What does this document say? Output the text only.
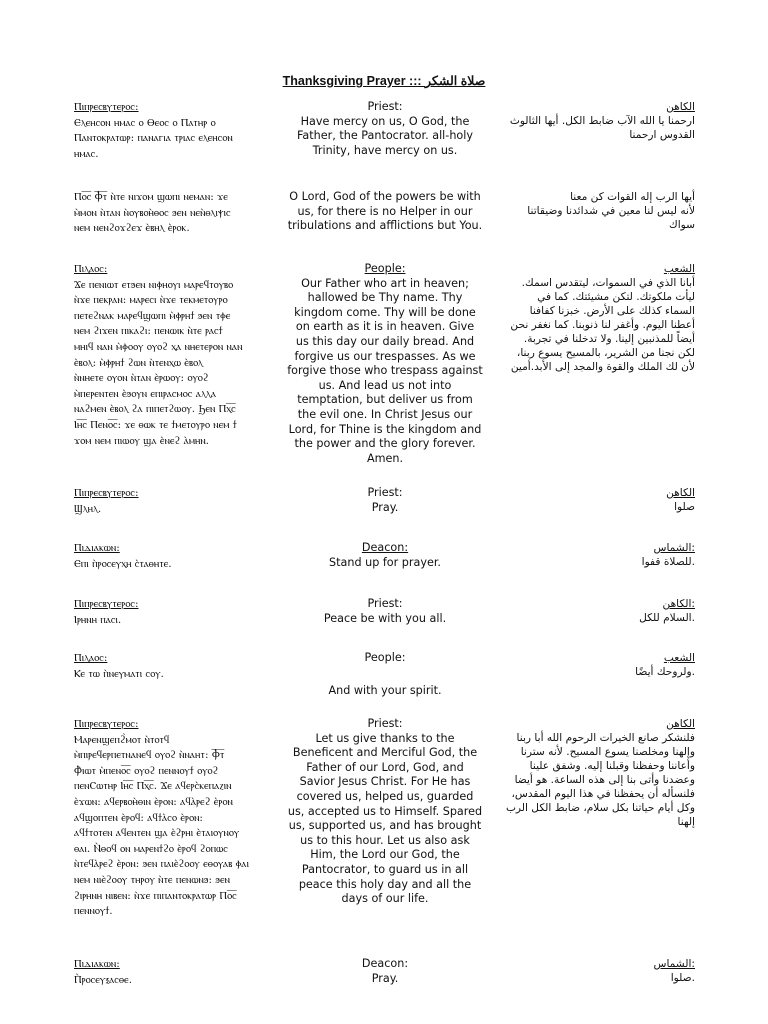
Thanksgiving Prayer ::: صلاة الشكر
Ⲡⲓⲡⲣⲉⲥⲃⲩⲧⲉⲣⲟⲥ:
Ⲉⲗⲉⲏⲥⲟⲛ ⲏⲙⲁⲥ ⲟ Ⲑⲉⲟⲥ ⲟ Ⲡⲁⲧⲏⲣ ⲟ
Ⲡⲁⲛⲧⲟⲕⲣⲁⲧⲱⲣ: ⲡⲁⲛⲁⲅⲓⲁ ⲧⲣⲓⲁⲥ ⲉⲗⲉⲏⲥⲟⲛ
ⲏⲙⲁⲥ.
Priest:
Have mercy on us, O God, the
Father, the Pantocrator. all-holy
Trinity, have mercy on us.
الكاهن
ارحمنا يا الله الآب ضابط الكل. أيها الثالوث
القدوس ارحمنا
Ⲡⲟ̅ⲥ̅ Ⲫ︦ⲧ︦ ⲛ̀ⲧⲉ ⲛⲓϫⲟⲙ ϣⲱⲡⲓ ⲛⲉⲙⲁⲛ: ϫⲉ
ⲙ̀ⲙⲟⲛ ⲛ̀ⲧⲁⲛ ⲛ̀ⲟⲩⲃⲟⲏ̀ⲑⲟⲥ ϧⲉⲛ ⲛⲉⲛ̀ⲑⲗⲓⲯⲓⲥ
ⲛⲉⲙ ⲛⲉⲛϩⲟϫϩⲉϫ ⲉ̀ⲃⲏⲗ ⲉ̀ⲣⲟⲕ.
O Lord, God of the powers be with
us, for there is no Helper in our
tribulations and afflictions but You.
أيها الرب إله القوات كن معنا
لأنه ليس لنا معين في شدائدنا وضيقاتنا
سواك
Ⲡⲓⲗⲁⲟⲥ:
Ϫⲉ ⲡⲉⲛⲓⲱⲧ ⲉⲧϧⲉⲛ ⲛⲓⲫⲏⲟⲩⲓ ⲙⲁⲣⲉϥⲧⲟⲩⲃⲟ
ⲛ̀ϫⲉ ⲡⲉⲕⲣⲁⲛ: ⲙⲁⲣⲉⲥⲓ ⲛ̀ϫⲉ ⲧⲉⲕⲙⲉⲧⲟⲩⲣⲟ
ⲡⲉⲧⲉϩⲛⲁⲕ ⲙⲁⲣⲉϥϣⲱⲡⲓ ⲙ̀ⲫⲣⲏϯ ϧⲉⲛ ⲧⲫⲉ
ⲛⲉⲙ ϩⲓϫⲉⲛ ⲡⲓⲕⲁϩⲓ: ⲡⲉⲛⲱⲓⲕ ⲛ̀ⲧⲉ ⲣⲁⲥϯ
ⲙⲏⲓϥ ⲛⲁⲛ ⲙ̀ⲫⲟⲟⲩ ⲟⲩⲟϩ ⲭⲁ ⲛⲏⲉⲧⲉⲣⲟⲛ ⲛⲁⲛ
ⲉ̀ⲃⲟⲗ: ⲙ̀ⲫⲣⲏϯ ϩⲱⲛ ⲛ̀ⲧⲉⲛⲭⲱ ⲉ̀ⲃⲟⲗ
ⲛ̀ⲛⲏⲉⲧⲉ ⲟⲩⲟⲛ ⲛ̀ⲧⲁⲛ ⲉ̀ⲣⲱⲟⲩ: ⲟⲩⲟϩ
ⲙ̀ⲡⲉⲣⲉⲛⲧⲉⲛ ⲉ̀ϧⲟⲩⲛ ⲉⲡⲓⲣⲁⲥⲙⲟⲥ ⲁⲗⲗⲁ
ⲛⲁϩⲙⲉⲛ ⲉ̀ⲃⲟⲗ ϩⲁ ⲡⲓⲡⲉⲧϩⲱⲟⲩ. Ϧⲉⲛ Ⲡⲭ̅ⲥ̅
Ⲓⲏ̅ⲥ̅ Ⲡⲉⲛⲟ̅ⲥ̅: ϫⲉ ⲑⲱⲕ ⲧⲉ ϯⲙⲉⲧⲟⲩⲣⲟ ⲛⲉⲙ ϯ
ϫⲟⲙ ⲛⲉⲙ ⲡⲓⲱⲟⲩ ϣⲁ ⲉ̀ⲛⲉϩ ⲁ̀ⲙⲏⲛ.
People:
Our Father who art in heaven;
hallowed be Thy name. Thy
kingdom come. Thy will be done
on earth as it is in heaven. Give
us this day our daily bread. And
forgive us our trespasses. As we
forgive those who trespass against
us. And lead us not into
temptation, but deliver us from
the evil one. In Christ Jesus our
Lord, for Thine is the kingdom and
the power and the glory forever.
Amen.
الشعب
أبانا الذي في السموات، ليتقدس اسمك.
ليأت ملكوتك. لتكن مشيئتك. كما في
السماء كذلك على الأرض. خبزنا كفافنا
أعطنا اليوم. وأغفر لنا ذنوبنا. كما نغفر نحن
أيضاً للمذنبين إلينا. ولا تدخلنا في تجربة.
لكن نجنا من الشرير، بالمسيح يسوع ربنا،
لأن لك الملك والقوة والمجد إلى الأبد.أمين
Ⲡⲓⲡⲣⲉⲥⲃⲩⲧⲉⲣⲟⲥ:
Ϣⲗⲏⲗ.
Priest:
Pray.
الكاهن
صلوا
Ⲡⲓⲇⲓⲁⲕⲱⲛ:
Ⲉⲡⲓ ⲡ̀ⲣⲟⲥⲉⲩⲭⲏ ⲥ̀ⲧⲁⲑⲏⲧⲉ.
Deacon:
Stand up for prayer.
:الشماس
.للصلاة قفوا
Ⲡⲓⲡⲣⲉⲥⲃⲩⲧⲉⲣⲟⲥ:
Ⲓⲣⲏⲛⲏ ⲡⲁⲥⲓ.
Priest:
Peace be with you all.
:الكاهن
.السلام للكل
Ⲡⲓⲗⲁⲟⲥ:
Ⲕⲉ ⲧⲱ ⲡ̀ⲛⲉⲩⲙⲁⲧⲓ ⲥⲟⲩ.
People:
And with your spirit.
الشعب
.ولروحك أيضًا
Ⲡⲓⲡⲣⲉⲥⲃⲩⲧⲉⲣⲟⲥ:
Ⲙⲁⲣⲉⲛϣⲉⲡϩ̀ⲙⲟⲧ ⲛ̀ⲧⲟⲧϥ
ⲙ̀ⲡⲓⲣⲉϥⲉⲣⲡⲉⲧⲛⲁⲛⲉϥ ⲟⲩⲟϩ ⲛ̀ⲛⲁⲏⲧ: Ⲫ︦ⲧ︦
Ⲫ̀ⲓⲱⲧ ⲙ̀ⲡⲉⲛⲟ̅ⲥ̅ ⲟⲩⲟϩ ⲡⲉⲛⲛⲟⲩϯ ⲟⲩⲟϩ
ⲡⲉⲛⲤⲱⲧⲏⲣ Ⲓⲏ̅ⲥ̅ Ⲡⲭ̅ⲥ̅. Ϫⲉ ⲁϥⲉⲣⲥ̀ⲕⲉⲡⲁⲍⲓⲛ
ⲉ̀ϫⲱⲛ: ⲁϥⲉⲣⲃⲟⲏ̀ⲑⲓⲛ ⲉ̀ⲣⲟⲛ: ⲁϥⲁ̀ⲣⲉϩ ⲉ̀ⲣⲟⲛ
ⲁϥϣⲟⲡⲧⲉⲛ ⲉ̀ⲣⲟϥ: ⲁϥϯⲁ̀ⲥⲟ ⲉ̀ⲣⲟⲛ:
ⲁϥϯⲧⲟⲧⲉⲛ ⲁϥⲉⲛⲧⲉⲛ ϣⲁ ⲉ̀ϩⲣⲏⲓ ⲉ̀ⲧⲁⲓⲟⲩⲛⲟⲩ
ⲑⲁⲓ. Ⲛ̀ⲑⲟϥ ⲟⲛ ⲙⲁⲣⲉⲛϯϩⲟ ⲉ̀ⲣⲟϥ ϩⲟⲡⲱⲥ
ⲛ̀ⲧⲉϥⲁ̀ⲣⲉϩ ⲉ̀ⲣⲟⲛ: ϧⲉⲛ ⲡⲁⲓⲉ̀ϩⲟⲟⲩ ⲉⲑⲟⲩⲁⲃ ⲫⲁⲓ
ⲛⲉⲙ ⲛⲓⲉ̀ϩⲟⲟⲩ ⲧⲏⲣⲟⲩ ⲛ̀ⲧⲉ ⲡⲉⲛⲱⲛϧ: ϧⲉⲛ
ϩⲓⲣⲏⲛⲏ ⲛⲓⲃⲉⲛ: ⲛ̀ϫⲉ ⲡⲓⲡⲁⲛⲧⲟⲕⲣⲁⲧⲱⲣ Ⲡⲟ̅ⲥ̅
ⲡⲉⲛⲛⲟⲩϯ.
Priest:
Let us give thanks to the
Beneficent and Merciful God, the
Father of our Lord, God, and
Savior Jesus Christ. For He has
covered us, helped us, guarded
us, accepted us to Himself. Spared
us, supported us, and has brought
us to this hour. Let us also ask
Him, the Lord our God, the
Pantocrator, to guard us in all
peace this holy day and all the
days of our life.
الكاهن
فلنشكر صانع الخيرات الرحوم الله أبا ربنا
وإلهنا ومخلصنا يسوع المسيح. لأنه سترنا
وأعاننا وحفظنا وقبلنا إليه. وشفق علينا
وعضدنا وأتى بنا إلى هذه الساعة. هو أيضا
فلنسأله أن يحفظنا في هذا اليوم المقدس،
وكل أيام حياتنا بكل سلام، ضابط الكل الرب
إلهنا
Ⲡⲓⲇⲓⲁⲕⲱⲛ:
Ⲡ̀ⲣⲟⲥⲉⲩⲝⲁⲥⲑⲉ.
Deacon:
Pray.
:الشماس
.صلوا
